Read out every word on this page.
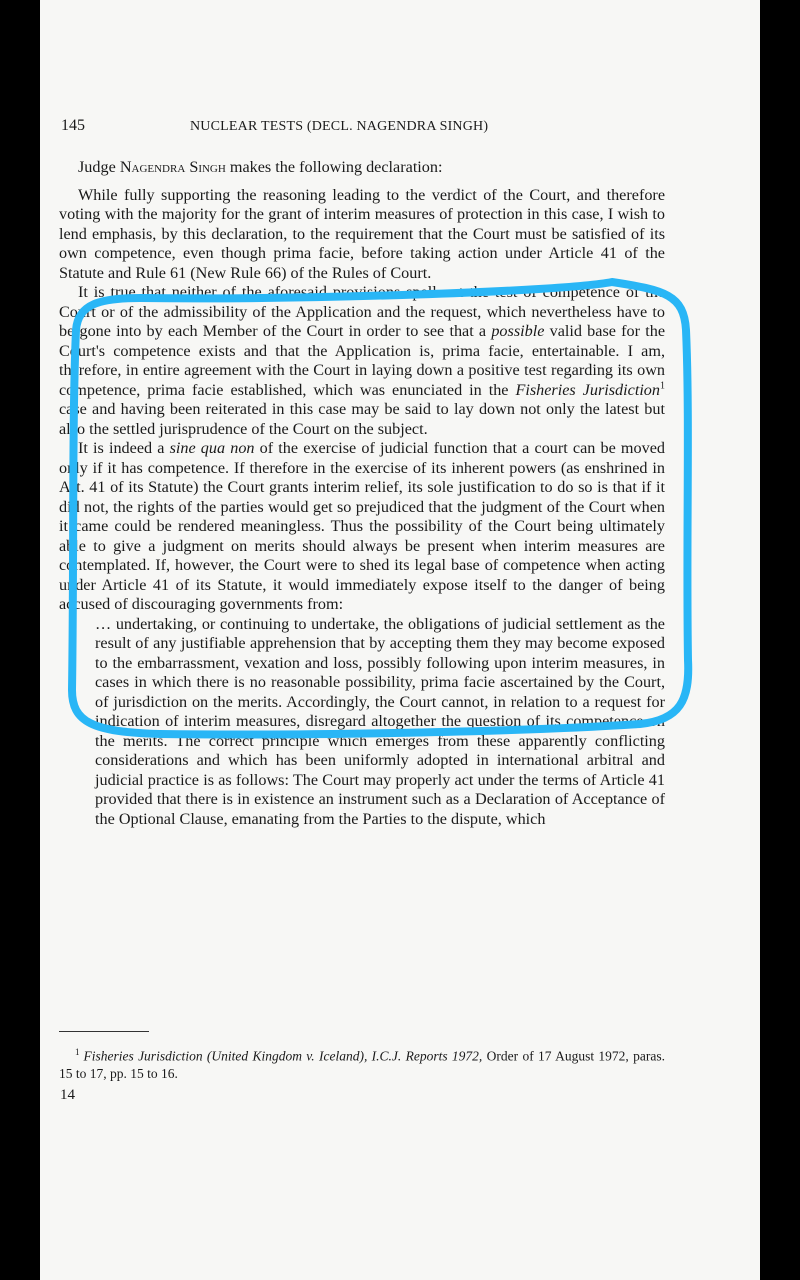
145	NUCLEAR TESTS (DECL. NAGENDRA SINGH)

Judge Nagendra Singh makes the following declaration:

While fully supporting the reasoning leading to the verdict of the Court, and therefore voting with the majority for the grant of interim measures of protection in this case, I wish to lend emphasis, by this declaration, to the requirement that the Court must be satisfied of its own competence, even though prima facie, before taking action under Article 41 of the Statute and Rule 61 (New Rule 66) of the Rules of Court.

It is true that neither of the aforesaid provisions spell out the test of competence of the Court or of the admissibility of the Application and the request, which nevertheless have to be gone into by each Member of the Court in order to see that a possible valid base for the Court's competence exists and that the Application is, prima facie, entertainable. I am, therefore, in entire agreement with the Court in laying down a positive test regarding its own competence, prima facie established, which was enunciated in the Fisheries Jurisdiction$^1$ case and having been reiterated in this case may be said to lay down not only the latest but also the settled jurisprudence of the Court on the subject.

It is indeed a sine qua non of the exercise of judicial function that a court can be moved only if it has competence. If therefore in the exercise of its inherent powers (as enshrined in Art. 41 of its Statute) the Court grants interim relief, its sole justification to do so is that if it did not, the rights of the parties would get so prejudiced that the judgment of the Court when it came could be rendered meaningless. Thus the possibility of the Court being ultimately able to give a judgment on merits should always be present when interim measures are contemplated. If, however, the Court were to shed its legal base of competence when acting under Article 41 of its Statute, it would immediately expose itself to the danger of being accused of discouraging governments from:

… undertaking, or continuing to undertake, the obligations of judicial settlement as the result of any justifiable apprehension that by accepting them they may become exposed to the embarrassment, vexation and loss, possibly following upon interim measures, in cases in which there is no reasonable possibility, prima facie ascertained by the Court, of jurisdiction on the merits. Accordingly, the Court cannot, in relation to a request for indication of interim measures, disregard altogether the question of its competence on the merits. The correct principle which emerges from these apparently conflicting considerations and which has been uniformly adopted in international arbitral and judicial practice is as follows: The Court may properly act under the terms of Article 41 provided that there is in existence an instrument such as a Declaration of Acceptance of the Optional Clause, emanating from the Parties to the dispute, which

$^1$ Fisheries Jurisdiction (United Kingdom v. Iceland), I.C.J. Reports 1972, Order of 17 August 1972, paras. 15 to 17, pp. 15 to 16.
14
